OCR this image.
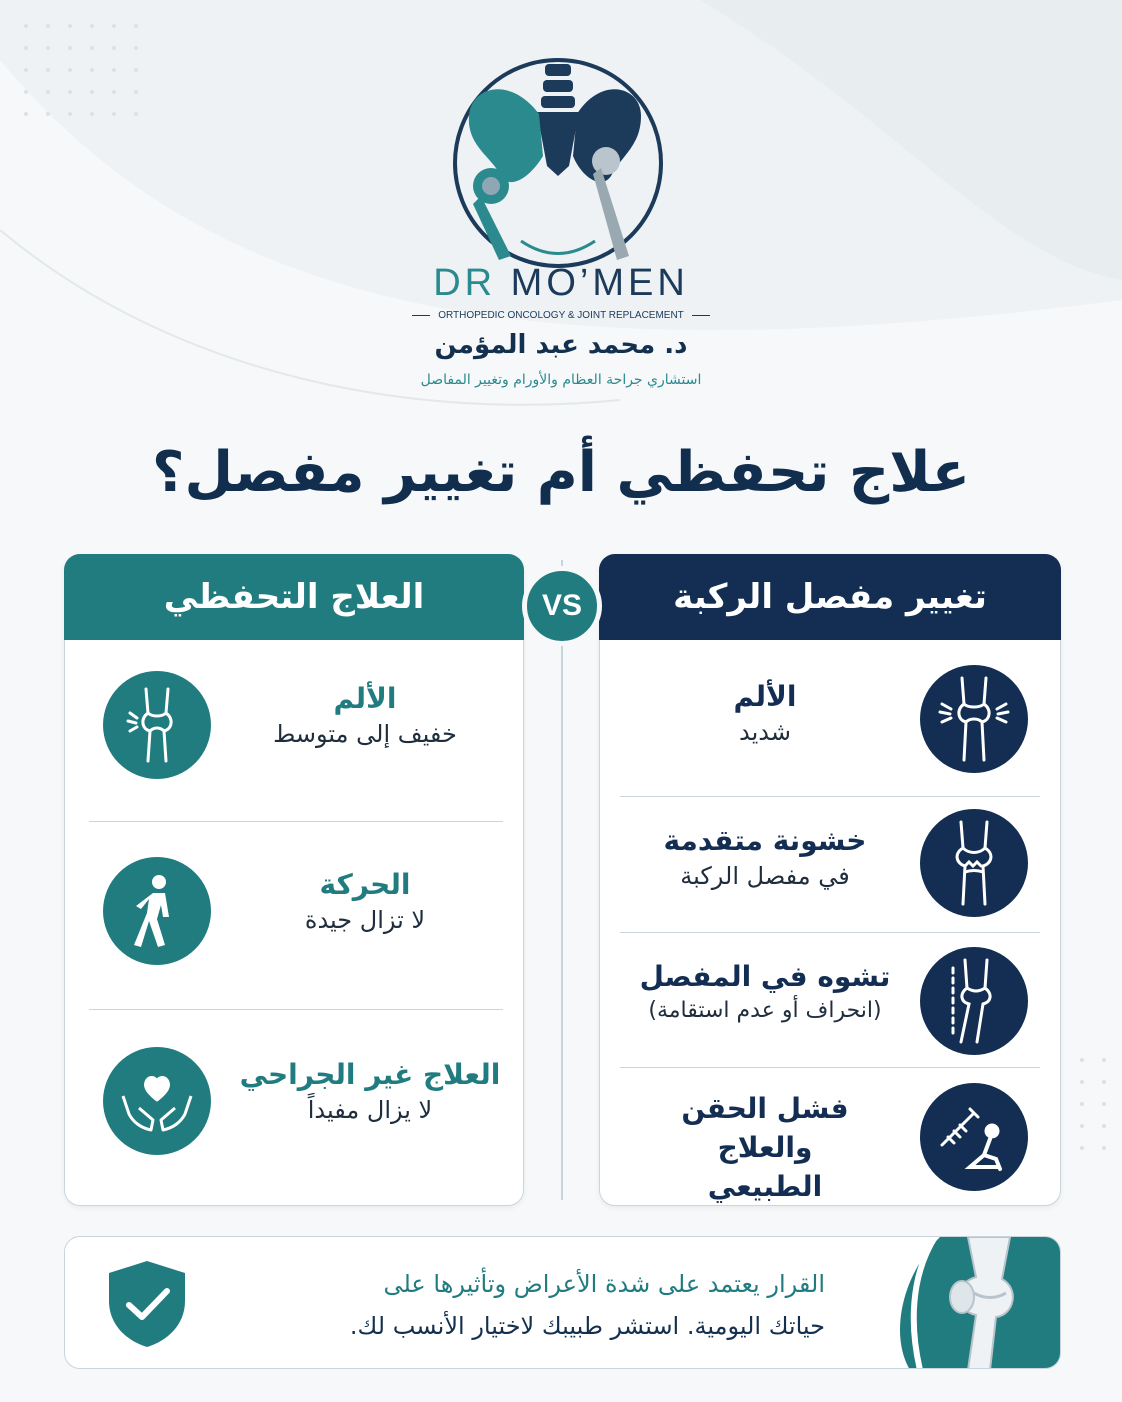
DR MO’MEN
ORTHOPEDIC ONCOLOGY & JOINT REPLACEMENT
د. محمد عبد المؤمن
استشاري جراحة العظام والأورام وتغيير المفاصل
علاج تحفظي أم تغيير مفصل؟
العلاج التحفظي
الألم
خفيف إلى متوسط
الحركة
لا تزال جيدة
العلاج غير الجراحي
لا يزال مفيداً
تغيير مفصل الركبة
الألم
شديد
خشونة متقدمة
في مفصل الركبة
تشوه في المفصل
(انحراف أو عدم استقامة)
فشل الحقن والعلاج
الطبيعي
VS
القرار يعتمد على شدة الأعراض وتأثيرها على
حياتك اليومية. استشر طبيبك لاختيار الأنسب لك.
